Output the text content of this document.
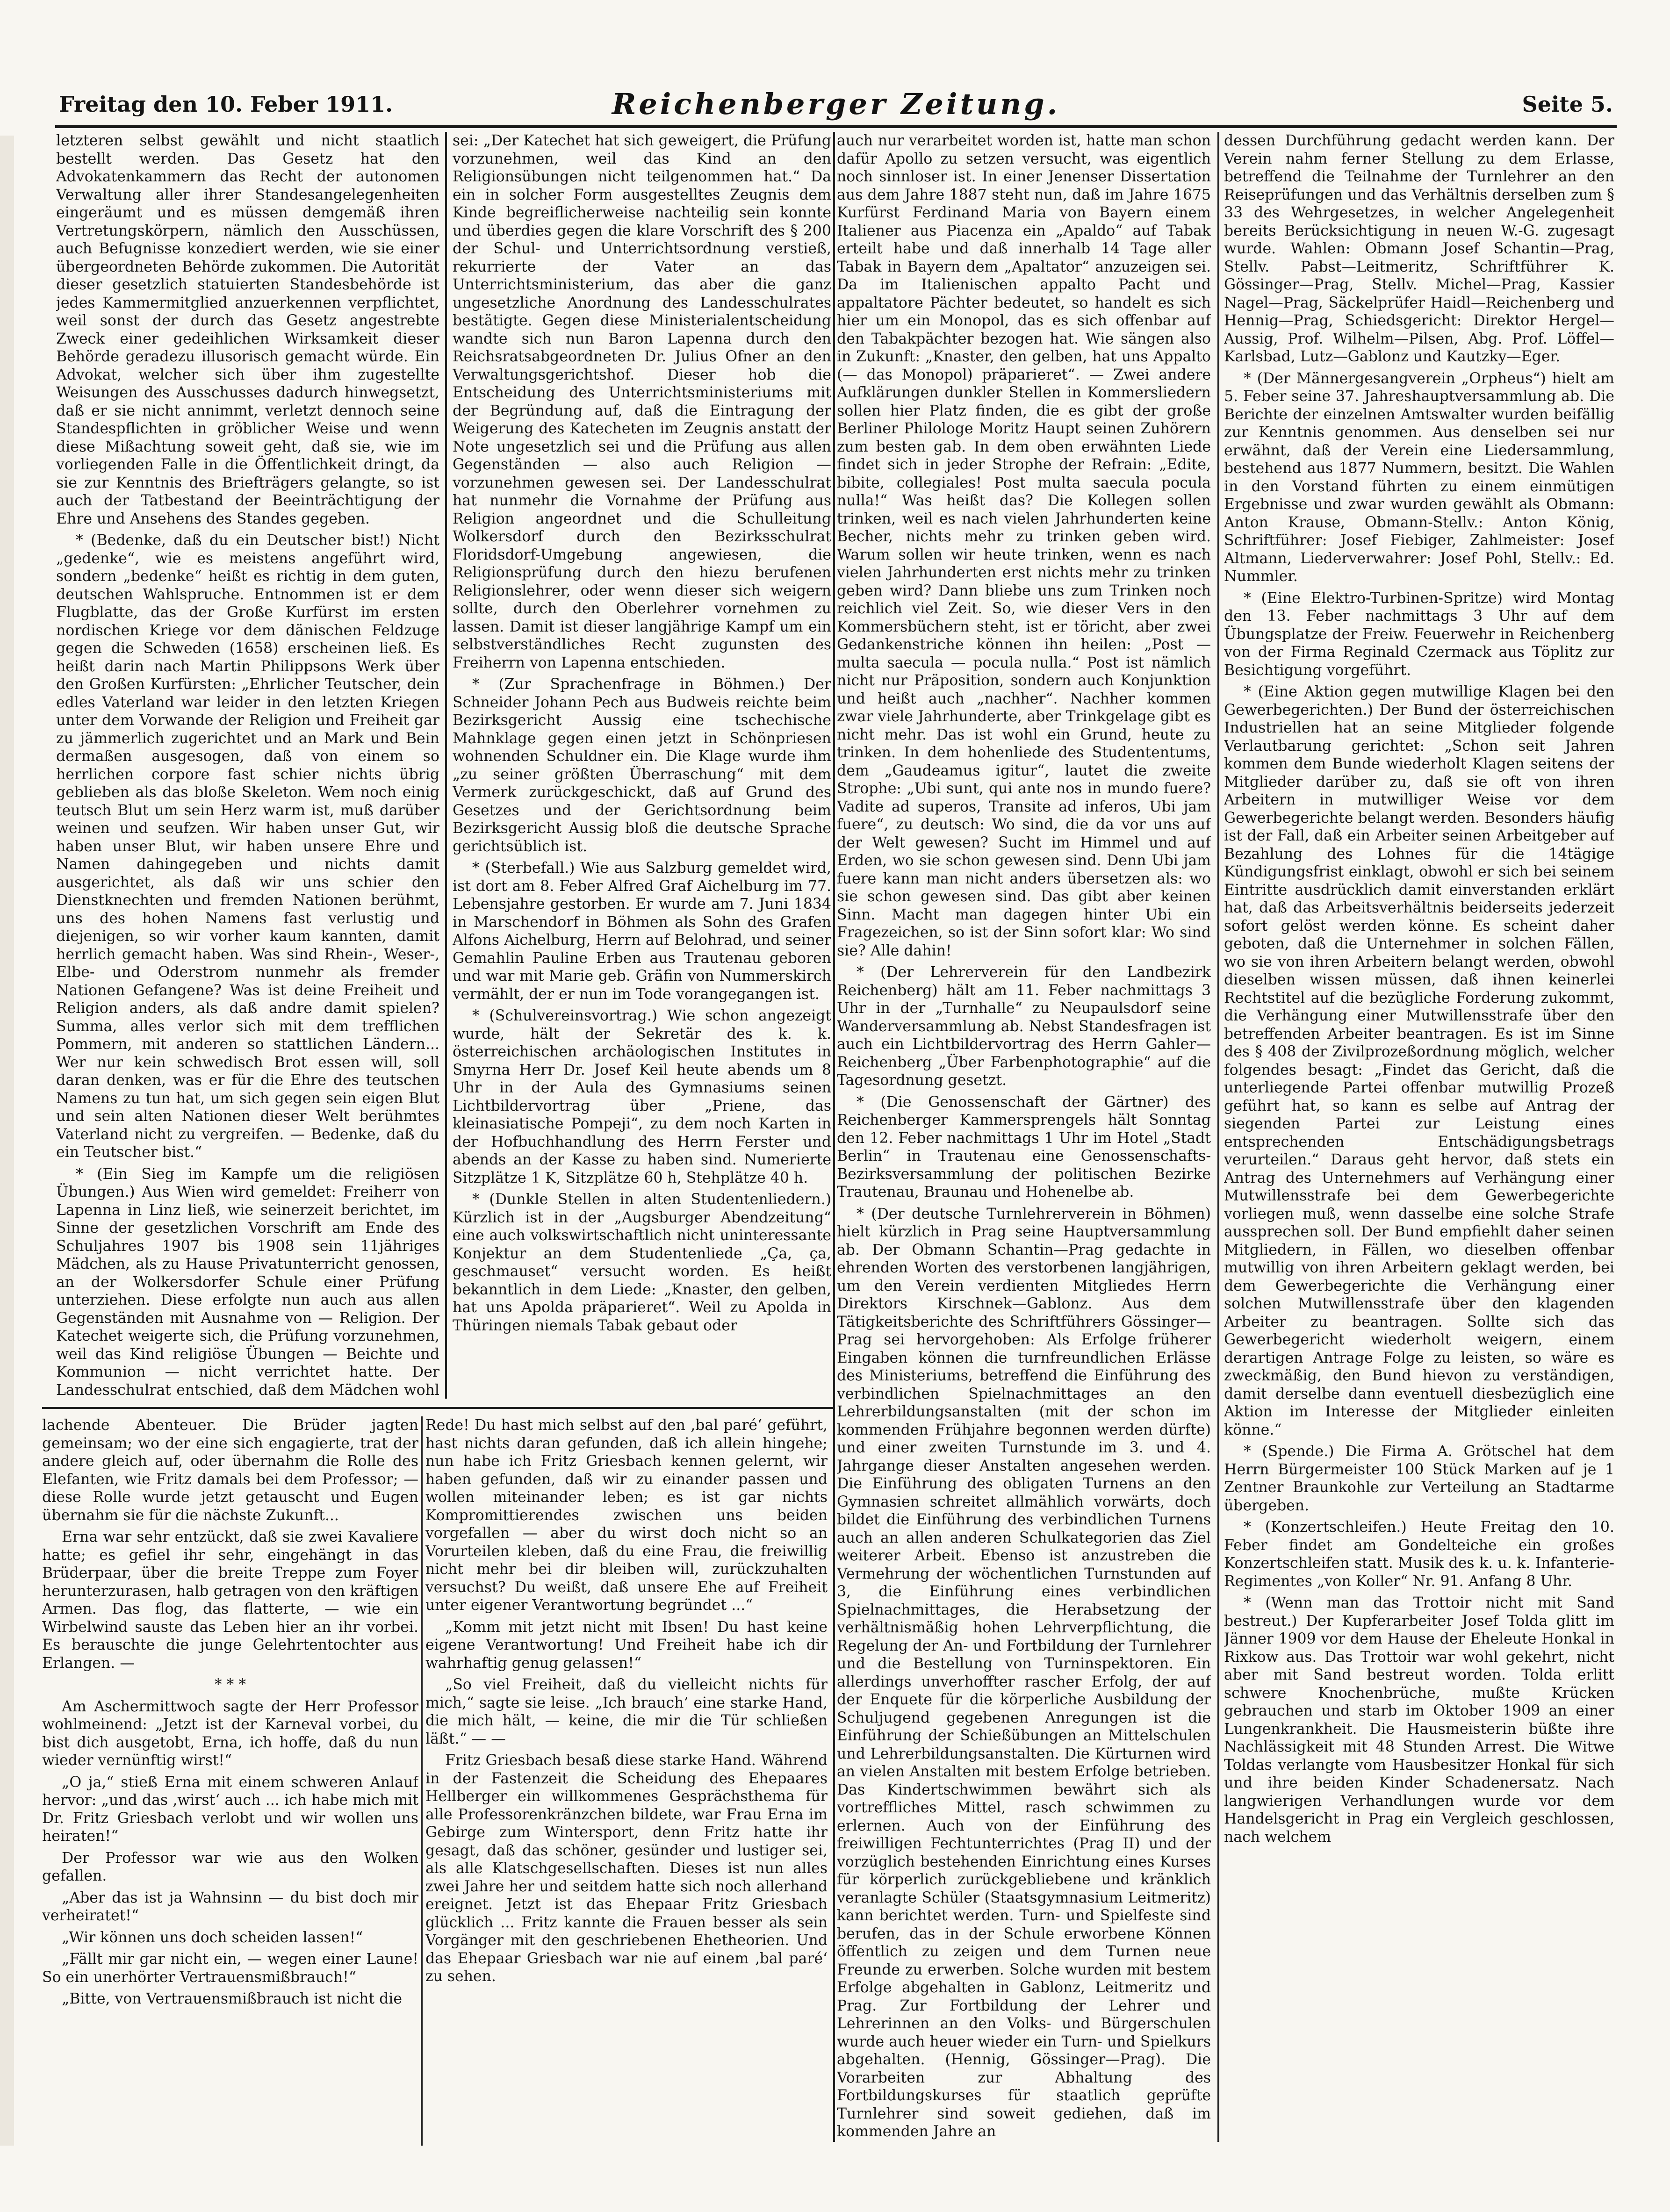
Freitag den 10. Feber 1911.	Reichenberger Zeitung.	Seite 5.

letzteren selbst gewählt und nicht staatlich bestellt werden. Das Gesetz hat den Advokatenkammern das Recht der autonomen Verwaltung aller ihrer Standesangelegenheiten eingeräumt und es müssen demgemäß ihren Vertretungskörpern, nämlich den Ausschüssen, auch Befugnisse konzediert werden, wie sie einer übergeordneten Behörde zukommen. Die Autorität dieser gesetzlich statuierten Standesbehörde ist jedes Kammermitglied anzuerkennen verpflichtet, weil sonst der durch das Gesetz angestrebte Zweck einer gedeihlichen Wirksamkeit dieser Behörde geradezu illusorisch gemacht würde. Ein Advokat, welcher sich über ihm zugestellte Weisungen des Ausschusses dadurch hinwegsetzt, daß er sie nicht annimmt, verletzt dennoch seine Standespflichten in gröblicher Weise und wenn diese Mißachtung soweit geht, daß sie, wie im vorliegenden Falle in die Öffentlichkeit dringt, da sie zur Kenntnis des Briefträgers gelangte, so ist auch der Tatbestand der Beeinträchtigung der Ehre und Ansehens des Standes gegeben.

* (Bedenke, daß du ein Deutscher bist!) Nicht „gedenke“, wie es meistens angeführt wird, sondern „bedenke“ heißt es richtig in dem guten, deutschen Wahlspruche. Entnommen ist er dem Flugblatte, das der Große Kurfürst im ersten nordischen Kriege vor dem dänischen Feldzuge gegen die Schweden (1658) erscheinen ließ. Es heißt darin nach Martin Philippsons Werk über den Großen Kurfürsten: „Ehrlicher Teutscher, dein edles Vaterland war leider in den letzten Kriegen unter dem Vorwande der Religion und Freiheit gar zu jämmerlich zugerichtet und an Mark und Bein dermaßen ausgesogen, daß von einem so herrlichen corpore fast schier nichts übrig geblieben als das bloße Skeleton. Wem noch einig teutsch Blut um sein Herz warm ist, muß darüber weinen und seufzen. Wir haben unser Gut, wir haben unser Blut, wir haben unsere Ehre und Namen dahingegeben und nichts damit ausgerichtet, als daß wir uns schier den Dienstknechten und fremden Nationen berühmt, uns des hohen Namens fast verlustig und diejenigen, so wir vorher kaum kannten, damit herrlich gemacht haben. Was sind Rhein-, Weser-, Elbe- und Oderstrom nunmehr als fremder Nationen Gefangene? Was ist deine Freiheit und Religion anders, als daß andre damit spielen? Summa, alles verlor sich mit dem trefflichen Pommern, mit anderen so stattlichen Ländern... Wer nur kein schwedisch Brot essen will, soll daran denken, was er für die Ehre des teutschen Namens zu tun hat, um sich gegen sein eigen Blut und sein alten Nationen dieser Welt berühmtes Vaterland nicht zu vergreifen. — Bedenke, daß du ein Teutscher bist.“

* (Ein Sieg im Kampfe um die religiösen Übungen.) Aus Wien wird gemeldet: Freiherr von Lapenna in Linz ließ, wie seinerzeit berichtet, im Sinne der gesetzlichen Vorschrift am Ende des Schuljahres 1907 bis 1908 sein 11jähriges Mädchen, als zu Hause Privatunterricht genossen, an der Wolkersdorfer Schule einer Prüfung unterziehen. Diese erfolgte nun auch aus allen Gegenständen mit Ausnahme von — Religion. Der Katechet weigerte sich, die Prüfung vorzunehmen, weil das Kind religiöse Übungen — Beichte und Kommunion — nicht verrichtet hatte. Der Landesschulrat entschied, daß dem Mädchen wohl

sei: „Der Katechet hat sich geweigert, die Prüfung vorzunehmen, weil das Kind an den Religionsübungen nicht teilgenommen hat.“ Da ein in solcher Form ausgestelltes Zeugnis dem Kinde begreiflicherweise nachteilig sein konnte und überdies gegen die klare Vorschrift des § 200 der Schul- und Unterrichtsordnung verstieß, rekurrierte der Vater an das Unterrichtsministerium, das aber die ganz ungesetzliche Anordnung des Landesschulrates bestätigte. Gegen diese Ministerialentscheidung wandte sich nun Baron Lapenna durch den Reichsratsabgeordneten Dr. Julius Ofner an den Verwaltungsgerichtshof. Dieser hob die Entscheidung des Unterrichtsministeriums mit der Begründung auf, daß die Eintragung der Weigerung des Katecheten im Zeugnis anstatt der Note ungesetzlich sei und die Prüfung aus allen Gegenständen — also auch Religion — vorzunehmen gewesen sei. Der Landesschulrat hat nunmehr die Vornahme der Prüfung aus Religion angeordnet und die Schulleitung Wolkersdorf durch den Bezirksschulrat Floridsdorf-Umgebung angewiesen, die Religionsprüfung durch den hiezu berufenen Religionslehrer, oder wenn dieser sich weigern sollte, durch den Oberlehrer vornehmen zu lassen. Damit ist dieser langjährige Kampf um ein selbstverständliches Recht zugunsten des Freiherrn von Lapenna entschieden.

* (Zur Sprachenfrage in Böhmen.) Der Schneider Johann Pech aus Budweis reichte beim Bezirksgericht Aussig eine tschechische Mahnklage gegen einen jetzt in Schönpriesen wohnenden Schuldner ein. Die Klage wurde ihm „zu seiner größten Überraschung“ mit dem Vermerk zurückgeschickt, daß auf Grund des Gesetzes und der Gerichtsordnung beim Bezirksgericht Aussig bloß die deutsche Sprache gerichtsüblich ist.

* (Sterbefall.) Wie aus Salzburg gemeldet wird, ist dort am 8. Feber Alfred Graf Aichelburg im 77. Lebensjahre gestorben. Er wurde am 7. Juni 1834 in Marschendorf in Böhmen als Sohn des Grafen Alfons Aichelburg, Herrn auf Belohrad, und seiner Gemahlin Pauline Erben aus Trautenau geboren und war mit Marie geb. Gräfin von Nummerskirch vermählt, der er nun im Tode vorangegangen ist.

* (Schulvereinsvortrag.) Wie schon angezeigt wurde, hält der Sekretär des k. k. österreichischen archäologischen Institutes in Smyrna Herr Dr. Josef Keil heute abends um 8 Uhr in der Aula des Gymnasiums seinen Lichtbildervortrag über „Priene, das kleinasiatische Pompeji“, zu dem noch Karten in der Hofbuchhandlung des Herrn Ferster und abends an der Kasse zu haben sind. Numerierte Sitzplätze 1 K, Sitzplätze 60 h, Stehplätze 40 h.

* (Dunkle Stellen in alten Studentenliedern.) Kürzlich ist in der „Augsburger Abendzeitung“ eine auch volkswirtschaftlich nicht uninteressante Konjektur an dem Studentenliede „Ça, ça, geschmauset“ versucht worden. Es heißt bekanntlich in dem Liede: „Knaster, den gelben, hat uns Apolda präparieret“. Weil zu Apolda in Thüringen niemals Tabak gebaut oder

auch nur verarbeitet worden ist, hatte man schon dafür Apollo zu setzen versucht, was eigentlich noch sinnloser ist. In einer Jenenser Dissertation aus dem Jahre 1887 steht nun, daß im Jahre 1675 Kurfürst Ferdinand Maria von Bayern einem Italiener aus Piacenza ein „Apaldo“ auf Tabak erteilt habe und daß innerhalb 14 Tage aller Tabak in Bayern dem „Apaltator“ anzuzeigen sei. Da im Italienischen appalto Pacht und appaltatore Pächter bedeutet, so handelt es sich hier um ein Monopol, das es sich offenbar auf den Tabakpächter bezogen hat. Wie sängen also in Zukunft: „Knaster, den gelben, hat uns Appalto (— das Monopol) präparieret“. — Zwei andere Aufklärungen dunkler Stellen in Kommersliedern sollen hier Platz finden, die es gibt der große Berliner Philologe Moritz Haupt seinen Zuhörern zum besten gab. In dem oben erwähnten Liede findet sich in jeder Strophe der Refrain: „Edite, bibite, collegiales! Post multa saecula pocula nulla!“ Was heißt das? Die Kollegen sollen trinken, weil es nach vielen Jahrhunderten keine Becher, nichts mehr zu trinken geben wird. Warum sollen wir heute trinken, wenn es nach vielen Jahrhunderten erst nichts mehr zu trinken geben wird? Dann bliebe uns zum Trinken noch reichlich viel Zeit. So, wie dieser Vers in den Kommersbüchern steht, ist er töricht, aber zwei Gedankenstriche können ihn heilen: „Post — multa saecula — pocula nulla.“ Post ist nämlich nicht nur Präposition, sondern auch Konjunktion und heißt auch „nachher“. Nachher kommen zwar viele Jahrhunderte, aber Trinkgelage gibt es nicht mehr. Das ist wohl ein Grund, heute zu trinken. In dem hohenliede des Studententums, dem „Gaudeamus igitur“, lautet die zweite Strophe: „Ubi sunt, qui ante nos in mundo fuere? Vadite ad superos, Transite ad inferos, Ubi jam fuere“, zu deutsch: Wo sind, die da vor uns auf der Welt gewesen? Sucht im Himmel und auf Erden, wo sie schon gewesen sind. Denn Ubi jam fuere kann man nicht anders übersetzen als: wo sie schon gewesen sind. Das gibt aber keinen Sinn. Macht man dagegen hinter Ubi ein Fragezeichen, so ist der Sinn sofort klar: Wo sind sie? Alle dahin!

* (Der Lehrerverein für den Landbezirk Reichenberg) hält am 11. Feber nachmittags 3 Uhr in der „Turnhalle“ zu Neupaulsdorf seine Wanderversammlung ab. Nebst Standesfragen ist auch ein Lichtbildervortrag des Herrn Gahler—Reichenberg „Über Farbenphotographie“ auf die Tagesordnung gesetzt.

* (Die Genossenschaft der Gärtner) des Reichenberger Kammersprengels hält Sonntag den 12. Feber nachmittags 1 Uhr im Hotel „Stadt Berlin“ in Trautenau eine Genossenschafts-Bezirksversammlung der politischen Bezirke Trautenau, Braunau und Hohenelbe ab.

* (Der deutsche Turnlehrerverein in Böhmen) hielt kürzlich in Prag seine Hauptversammlung ab. Der Obmann Schantin—Prag gedachte in ehrenden Worten des verstorbenen langjährigen, um den Verein verdienten Mitgliedes Herrn Direktors Kirschnek—Gablonz. Aus dem Tätigkeitsberichte des Schriftführers Gössinger—Prag sei hervorgehoben: Als Erfolge früherer Eingaben können die turnfreundlichen Erlässe des Ministeriums, betreffend die Einführung des verbindlichen Spielnachmittages an den Lehrerbildungsanstalten (mit der schon im kommenden Frühjahre begonnen werden dürfte) und einer zweiten Turnstunde im 3. und 4. Jahrgange dieser Anstalten angesehen werden. Die Einführung des obligaten Turnens an den Gymnasien schreitet allmählich vorwärts, doch bildet die Einführung des verbindlichen Turnens auch an allen anderen Schulkategorien das Ziel weiterer Arbeit. Ebenso ist anzustreben die Vermehrung der wöchentlichen Turnstunden auf 3, die Einführung eines verbindlichen Spielnachmittages, die Herabsetzung der verhältnismäßig hohen Lehrverpflichtung, die Regelung der An- und Fortbildung der Turnlehrer und die Bestellung von Turninspektoren. Ein allerdings unverhoffter rascher Erfolg, der auf der Enquete für die körperliche Ausbildung der Schuljugend gegebenen Anregungen ist die Einführung der Schießübungen an Mittelschulen und Lehrerbildungsanstalten. Die Kürturnen wird an vielen Anstalten mit bestem Erfolge betrieben. Das Kindertschwimmen bewährt sich als vortreffliches Mittel, rasch schwimmen zu erlernen. Auch von der Einführung des freiwilligen Fechtunterrichtes (Prag II) und der vorzüglich bestehenden Einrichtung eines Kurses für körperlich zurückgebliebene und kränklich veranlagte Schüler (Staatsgymnasium Leitmeritz) kann berichtet werden. Turn- und Spielfeste sind berufen, das in der Schule erworbene Können öffentlich zu zeigen und dem Turnen neue Freunde zu erwerben. Solche wurden mit bestem Erfolge abgehalten in Gablonz, Leitmeritz und Prag. Zur Fortbildung der Lehrer und Lehrerinnen an den Volks- und Bürgerschulen wurde auch heuer wieder ein Turn- und Spielkurs abgehalten. (Hennig, Gössinger—Prag). Die Vorarbeiten zur Abhaltung des Fortbildungskurses für staatlich geprüfte Turnlehrer sind soweit gediehen, daß im kommenden Jahre an

dessen Durchführung gedacht werden kann. Der Verein nahm ferner Stellung zu dem Erlasse, betreffend die Teilnahme der Turnlehrer an den Reiseprüfungen und das Verhältnis derselben zum § 33 des Wehrgesetzes, in welcher Angelegenheit bereits Berücksichtigung in neuen W.-G. zugesagt wurde. Wahlen: Obmann Josef Schantin—Prag, Stellv. Pabst—Leitmeritz, Schriftführer K. Gössinger—Prag, Stellv. Michel—Prag, Kassier Nagel—Prag, Säckelprüfer Haidl—Reichenberg und Hennig—Prag, Schiedsgericht: Direktor Hergel—Aussig, Prof. Wilhelm—Pilsen, Abg. Prof. Löffel—Karlsbad, Lutz—Gablonz und Kautzky—Eger.

* (Der Männergesangverein „Orpheus“) hielt am 5. Feber seine 37. Jahreshauptversammlung ab. Die Berichte der einzelnen Amtswalter wurden beifällig zur Kenntnis genommen. Aus denselben sei nur erwähnt, daß der Verein eine Liedersammlung, bestehend aus 1877 Nummern, besitzt. Die Wahlen in den Vorstand führten zu einem einmütigen Ergebnisse und zwar wurden gewählt als Obmann: Anton Krause, Obmann-Stellv.: Anton König, Schriftführer: Josef Fiebiger, Zahlmeister: Josef Altmann, Liederverwahrer: Josef Pohl, Stellv.: Ed. Nummler.

* (Eine Elektro-Turbinen-Spritze) wird Montag den 13. Feber nachmittags 3 Uhr auf dem Übungsplatze der Freiw. Feuerwehr in Reichenberg von der Firma Reginald Czermack aus Töplitz zur Besichtigung vorgeführt.

* (Eine Aktion gegen mutwillige Klagen bei den Gewerbegerichten.) Der Bund der österreichischen Industriellen hat an seine Mitglieder folgende Verlautbarung gerichtet: „Schon seit Jahren kommen dem Bunde wiederholt Klagen seitens der Mitglieder darüber zu, daß sie oft von ihren Arbeitern in mutwilliger Weise vor dem Gewerbegerichte belangt werden. Besonders häufig ist der Fall, daß ein Arbeiter seinen Arbeitgeber auf Bezahlung des Lohnes für die 14tägige Kündigungsfrist einklagt, obwohl er sich bei seinem Eintritte ausdrücklich damit einverstanden erklärt hat, daß das Arbeitsverhältnis beiderseits jederzeit sofort gelöst werden könne. Es scheint daher geboten, daß die Unternehmer in solchen Fällen, wo sie von ihren Arbeitern belangt werden, obwohl dieselben wissen müssen, daß ihnen keinerlei Rechtstitel auf die bezügliche Forderung zukommt, die Verhängung einer Mutwillensstrafe über den betreffenden Arbeiter beantragen. Es ist im Sinne des § 408 der Zivilprozeßordnung möglich, welcher folgendes besagt: „Findet das Gericht, daß die unterliegende Partei offenbar mutwillig Prozeß geführt hat, so kann es selbe auf Antrag der siegenden Partei zur Leistung eines entsprechenden Entschädigungsbetrags verurteilen.“ Daraus geht hervor, daß stets ein Antrag des Unternehmers auf Verhängung einer Mutwillensstrafe bei dem Gewerbegerichte vorliegen muß, wenn dasselbe eine solche Strafe aussprechen soll. Der Bund empfiehlt daher seinen Mitgliedern, in Fällen, wo dieselben offenbar mutwillig von ihren Arbeitern geklagt werden, bei dem Gewerbegerichte die Verhängung einer solchen Mutwillensstrafe über den klagenden Arbeiter zu beantragen. Sollte sich das Gewerbegericht wiederholt weigern, einem derartigen Antrage Folge zu leisten, so wäre es zweckmäßig, den Bund hievon zu verständigen, damit derselbe dann eventuell diesbezüglich eine Aktion im Interesse der Mitglieder einleiten könne.“

* (Spende.) Die Firma A. Grötschel hat dem Herrn Bürgermeister 100 Stück Marken auf je 1 Zentner Braunkohle zur Verteilung an Stadtarme übergeben.

* (Konzertschleifen.) Heute Freitag den 10. Feber findet am Gondelteiche ein großes Konzertschleifen statt. Musik des k. u. k. Infanterie-Regimentes „von Koller“ Nr. 91. Anfang 8 Uhr.

* (Wenn man das Trottoir nicht mit Sand bestreut.) Der Kupferarbeiter Josef Tolda glitt im Jänner 1909 vor dem Hause der Eheleute Honkal in Rixkow aus. Das Trottoir war wohl gekehrt, nicht aber mit Sand bestreut worden. Tolda erlitt schwere Knochenbrüche, mußte Krücken gebrauchen und starb im Oktober 1909 an einer Lungenkrankheit. Die Hausmeisterin büßte ihre Nachlässigkeit mit 48 Stunden Arrest. Die Witwe Toldas verlangte vom Hausbesitzer Honkal für sich und ihre beiden Kinder Schadenersatz. Nach langwierigen Verhandlungen wurde vor dem Handelsgericht in Prag ein Vergleich geschlossen, nach welchem

lachende Abenteuer. Die Brüder jagten gemeinsam; wo der eine sich engagierte, trat der andere gleich auf, oder übernahm die Rolle des Elefanten, wie Fritz damals bei dem Professor; — diese Rolle wurde jetzt getauscht und Eugen übernahm sie für die nächste Zukunft...

Erna war sehr entzückt, daß sie zwei Kavaliere hatte; es gefiel ihr sehr, eingehängt in das Brüderpaar, über die breite Treppe zum Foyer herunterzurasen, halb getragen von den kräftigen Armen. Das flog, das flatterte, — wie ein Wirbelwind sauste das Leben hier an ihr vorbei. Es berauschte die junge Gelehrtentochter aus Erlangen. —

* * *

Am Aschermittwoch sagte der Herr Professor wohlmeinend: „Jetzt ist der Karneval vorbei, du bist dich ausgetobt, Erna, ich hoffe, daß du nun wieder vernünftig wirst!“

„O ja,“ stieß Erna mit einem schweren Anlauf hervor: „und das ‚wirst‘ auch ... ich habe mich mit Dr. Fritz Griesbach verlobt und wir wollen uns heiraten!“

Der Professor war wie aus den Wolken gefallen.

„Aber das ist ja Wahnsinn — du bist doch mir verheiratet!“

„Wir können uns doch scheiden lassen!“

„Fällt mir gar nicht ein, — wegen einer Laune! So ein unerhörter Vertrauensmißbrauch!“

„Bitte, von Vertrauensmißbrauch ist nicht die

Rede! Du hast mich selbst auf den ‚bal paré‘ geführt, hast nichts daran gefunden, daß ich allein hingehe; nun habe ich Fritz Griesbach kennen gelernt, wir haben gefunden, daß wir zu einander passen und wollen miteinander leben; es ist gar nichts Kompromittierendes zwischen uns beiden vorgefallen — aber du wirst doch nicht so an Vorurteilen kleben, daß du eine Frau, die freiwillig nicht mehr bei dir bleiben will, zurückzuhalten versuchst? Du weißt, daß unsere Ehe auf Freiheit unter eigener Verantwortung begründet ...“

„Komm mit jetzt nicht mit Ibsen! Du hast keine eigene Verantwortung! Und Freiheit habe ich dir wahrhaftig genug gelassen!“

„So viel Freiheit, daß du vielleicht nichts für mich,“ sagte sie leise. „Ich brauch’ eine starke Hand, die mich hält, — keine, die mir die Tür schließen läßt.“ — —

Fritz Griesbach besaß diese starke Hand. Während in der Fastenzeit die Scheidung des Ehepaares Hellberger ein willkommenes Gesprächsthema für alle Professorenkränzchen bildete, war Frau Erna im Gebirge zum Wintersport, denn Fritz hatte ihr gesagt, daß das schöner, gesünder und lustiger sei, als alle Klatschgesellschaften. Dieses ist nun alles zwei Jahre her und seitdem hatte sich noch allerhand ereignet. Jetzt ist das Ehepaar Fritz Griesbach glücklich ... Fritz kannte die Frauen besser als sein Vorgänger mit den geschriebenen Ehetheorien. Und das Ehepaar Griesbach war nie auf einem ‚bal paré‘ zu sehen.
